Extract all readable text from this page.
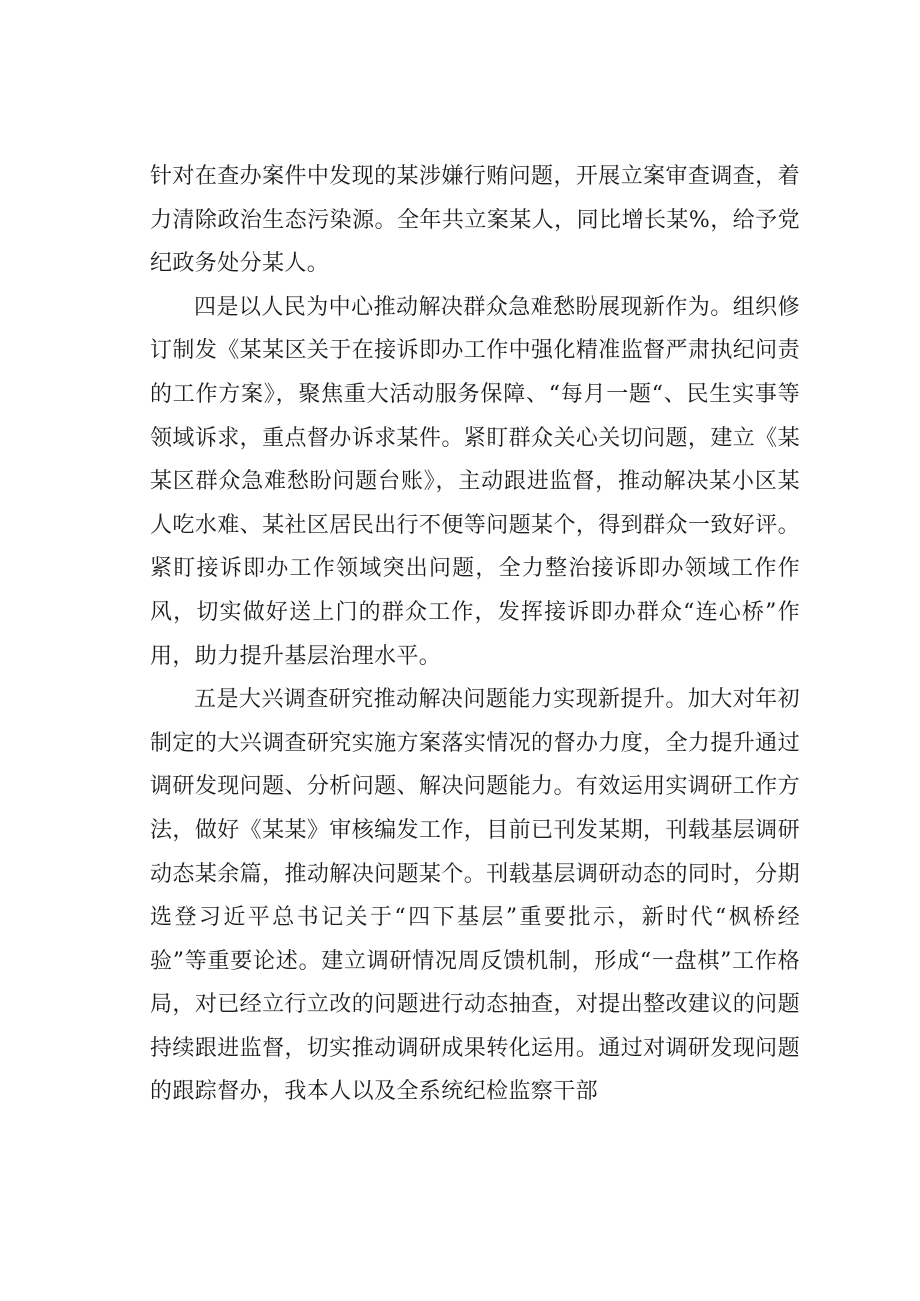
针对在查办案件中发现的某涉嫌行贿问题，开展立案审查调查，着力清除政治生态污染源。全年共立案某人，同比增长某%，给予党纪政务处分某人。

四是以人民为中心推动解决群众急难愁盼展现新作为。组织修订制发《某某区关于在接诉即办工作中强化精准监督严肃执纪问责的工作方案》，聚焦重大活动服务保障、“每月一题“、民生实事等领域诉求，重点督办诉求某件。紧盯群众关心关切问题，建立《某某区群众急难愁盼问题台账》，主动跟进监督，推动解决某小区某人吃水难、某社区居民出行不便等问题某个，得到群众一致好评。紧盯接诉即办工作领域突出问题，全力整治接诉即办领域工作作风，切实做好送上门的群众工作，发挥接诉即办群众“连心桥”作用，助力提升基层治理水平。

五是大兴调查研究推动解决问题能力实现新提升。加大对年初制定的大兴调查研究实施方案落实情况的督办力度，全力提升通过调研发现问题、分析问题、解决问题能力。有效运用实调研工作方法，做好《某某》审核编发工作，目前已刊发某期，刊载基层调研动态某余篇，推动解决问题某个。刊载基层调研动态的同时，分期选登习近平总书记关于“四下基层”重要批示，新时代“枫桥经验”等重要论述。建立调研情况周反馈机制，形成“一盘棋”工作格局，对已经立行立改的问题进行动态抽查，对提出整改建议的问题持续跟进监督，切实推动调研成果转化运用。通过对调研发现问题的跟踪督办，我本人以及全系统纪检监察干部
